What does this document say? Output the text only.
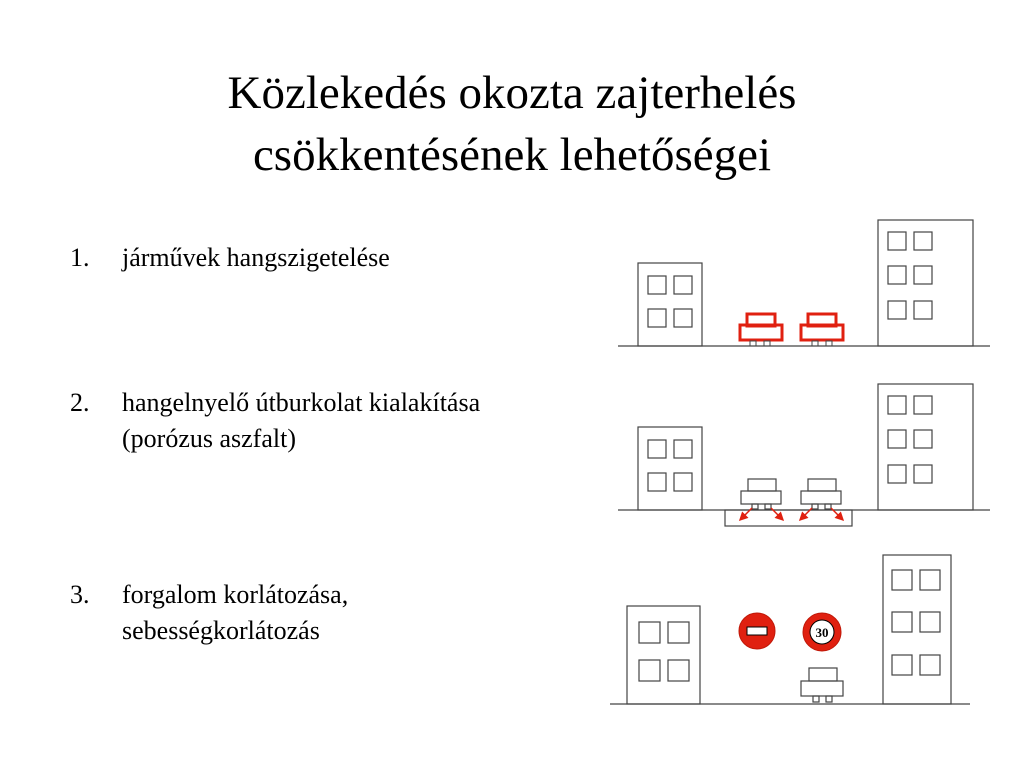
Közlekedés okozta zajterhelés
csökkentésének lehetőségei
1. járművek hangszigetelése
2. hangelnyelő útburkolat kialakítása
(porózus aszfalt)
3. forgalom korlátozása,
sebességkorlátozás	30
